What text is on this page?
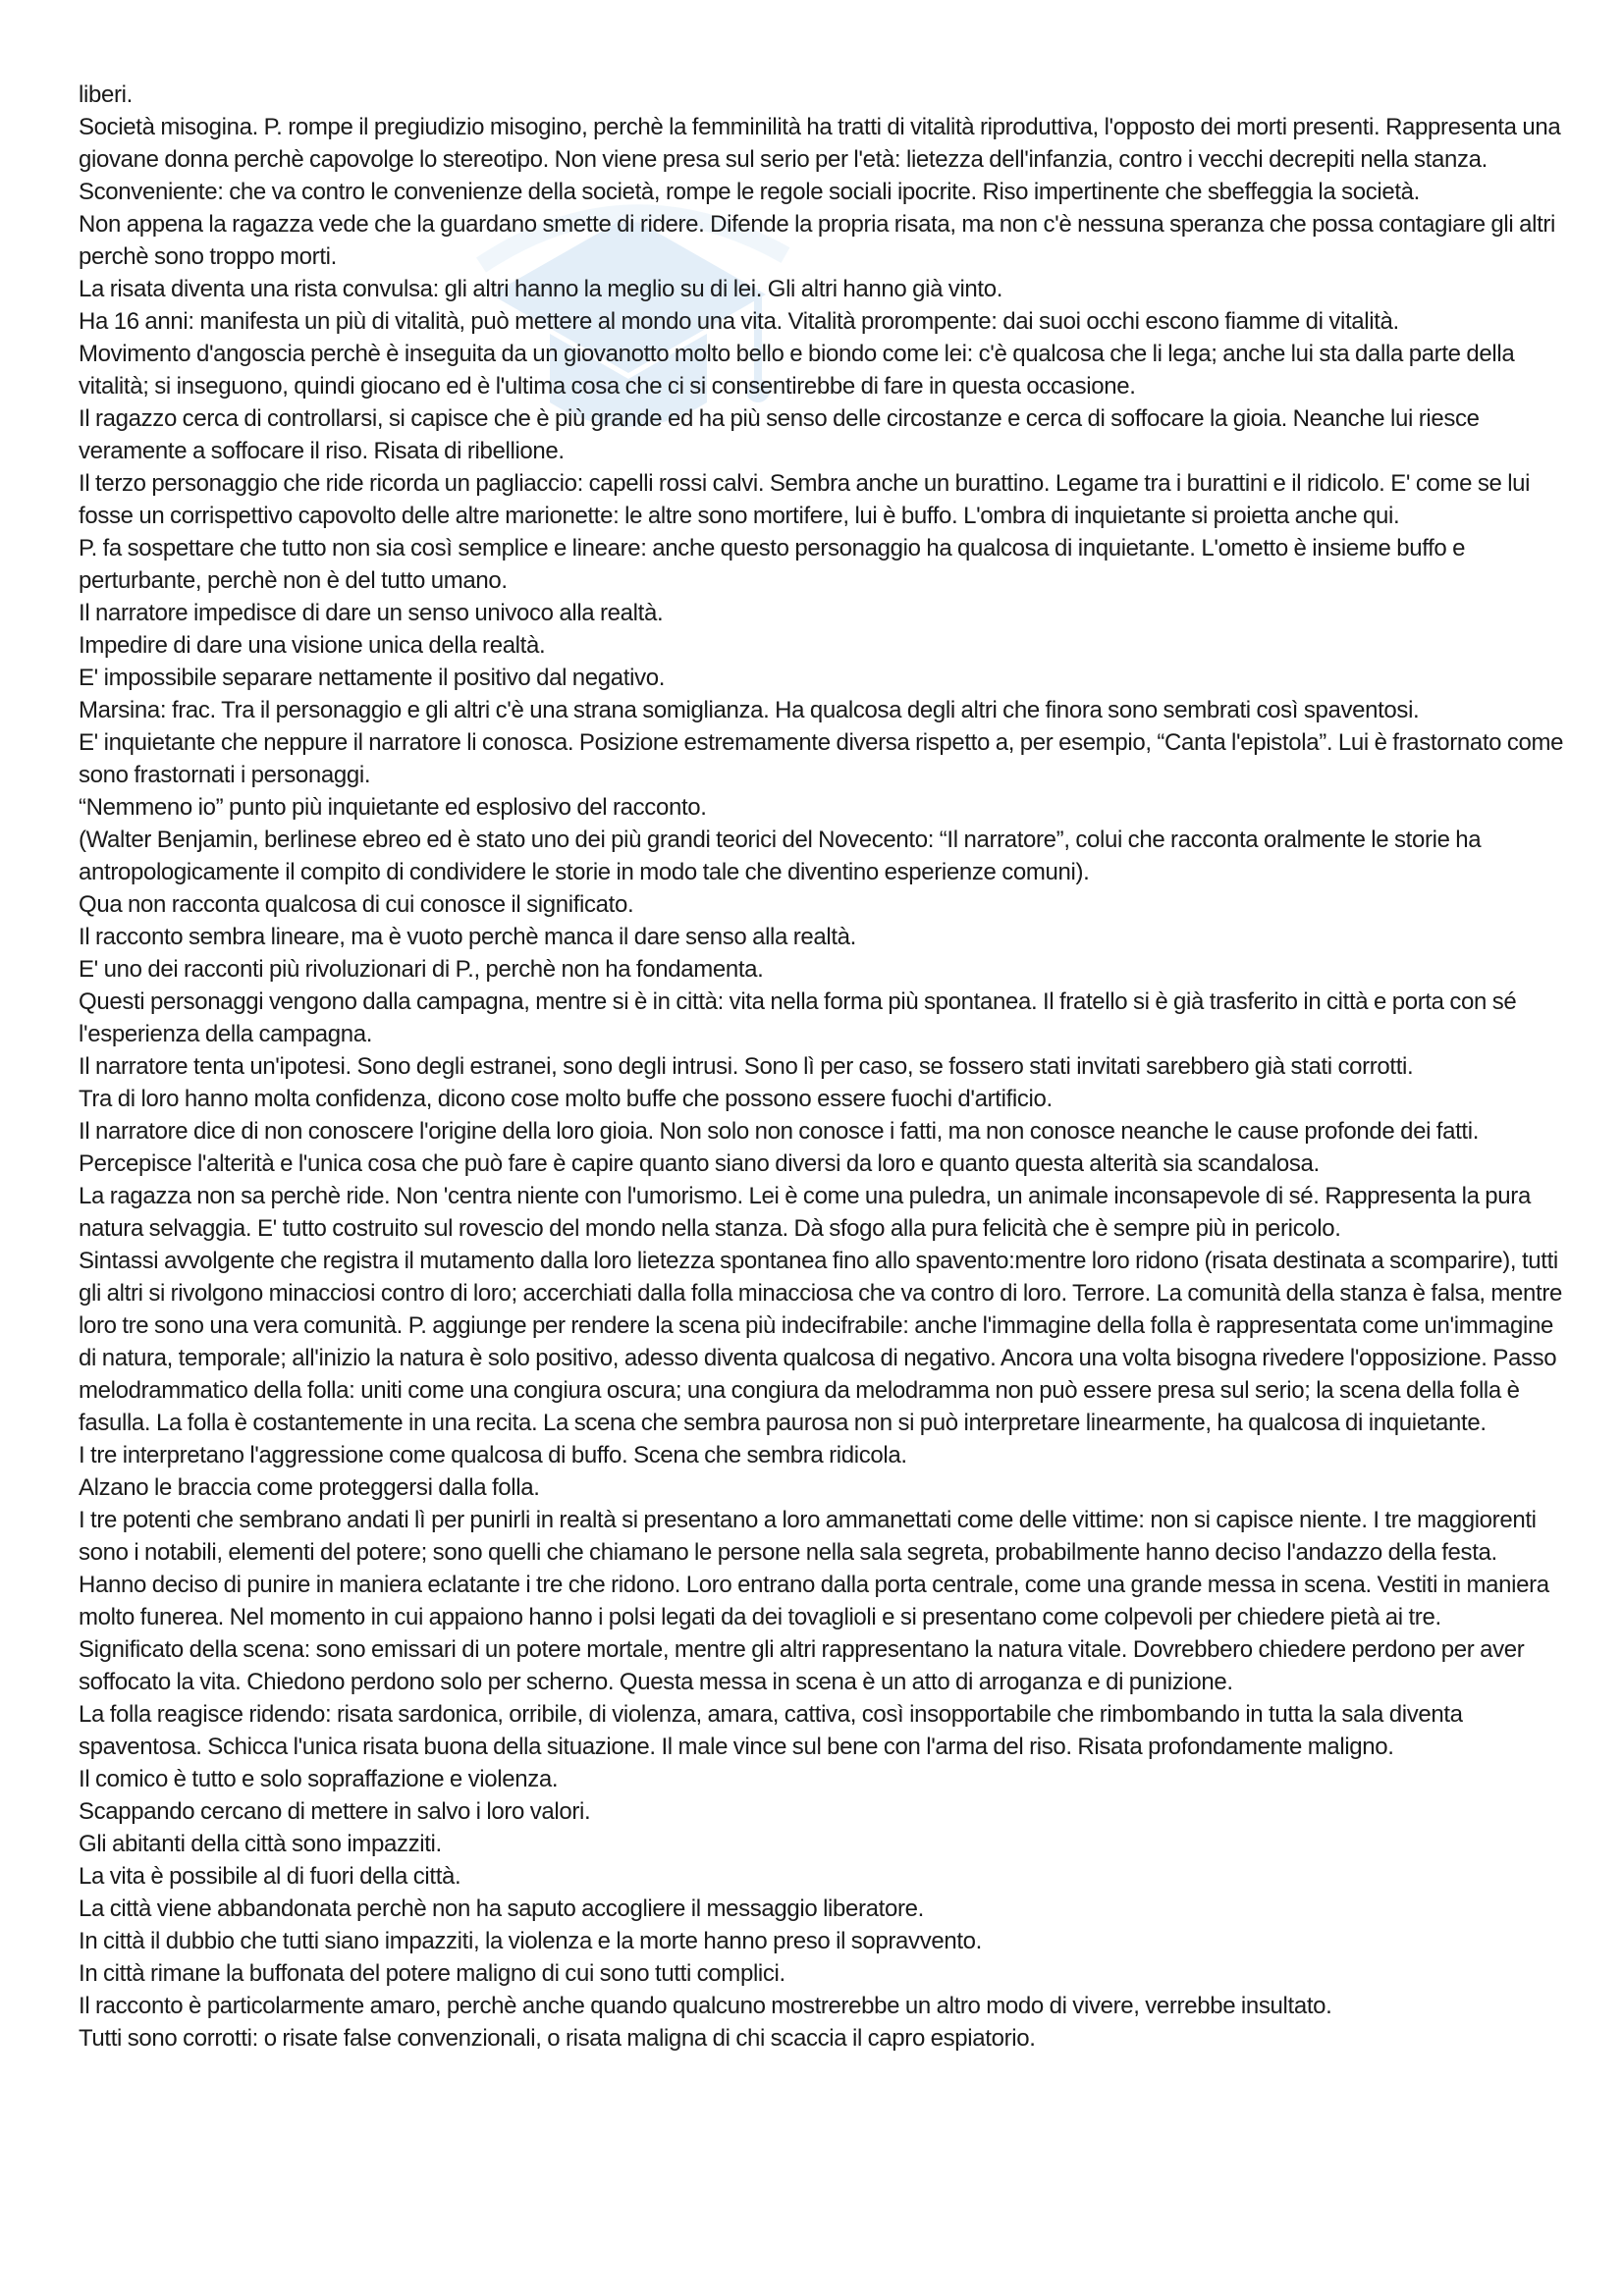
liberi.

Società misogina. P. rompe il pregiudizio misogino, perchè la femminilità ha tratti di vitalità riproduttiva, l'opposto dei morti presenti. Rappresenta una giovane donna perchè capovolge lo stereotipo. Non viene presa sul serio per l'età: lietezza dell'infanzia, contro i vecchi decrepiti nella stanza.

Sconveniente: che va contro le convenienze della società, rompe le regole sociali ipocrite. Riso impertinente che sbeffeggia la società.

Non appena la ragazza vede che la guardano smette di ridere. Difende la propria risata, ma non c'è nessuna speranza che possa contagiare gli altri perchè sono troppo morti.

La risata diventa una rista convulsa: gli altri hanno la meglio su di lei. Gli altri hanno già vinto.

Ha 16 anni: manifesta un più di vitalità, può mettere al mondo una vita. Vitalità prorompente: dai suoi occhi escono fiamme di vitalità.

Movimento d'angoscia perchè è inseguita da un giovanotto molto bello e biondo come lei: c'è qualcosa che li lega; anche lui sta dalla parte della vitalità; si inseguono, quindi giocano ed è l'ultima cosa che ci si consentirebbe di fare in questa occasione.

Il ragazzo cerca di controllarsi, si capisce che è più grande ed ha più senso delle circostanze e cerca di soffocare la gioia. Neanche lui riesce veramente a soffocare il riso. Risata di ribellione.

Il terzo personaggio che ride ricorda un pagliaccio: capelli rossi calvi. Sembra anche un burattino. Legame tra i burattini e il ridicolo. E' come se lui fosse un corrispettivo capovolto delle altre marionette: le altre sono mortifere, lui è buffo. L'ombra di inquietante si proietta anche qui.

P. fa sospettare che tutto non sia così semplice e lineare: anche questo personaggio ha qualcosa di inquietante. L'ometto è insieme buffo e perturbante, perchè non è del tutto umano.

Il narratore impedisce di dare un senso univoco alla realtà.

Impedire di dare una visione unica della realtà.

E' impossibile separare nettamente il positivo dal negativo.

Marsina: frac. Tra il personaggio e gli altri c'è una strana somiglianza. Ha qualcosa degli altri che finora sono sembrati così spaventosi.

E' inquietante che neppure il narratore li conosca. Posizione estremamente diversa rispetto a, per esempio, “Canta l'epistola”. Lui è frastornato come sono frastornati i personaggi.

“Nemmeno io” punto più inquietante ed esplosivo del racconto.

(Walter Benjamin, berlinese ebreo ed è stato uno dei più grandi teorici del Novecento: “Il narratore”, colui che racconta oralmente le storie ha antropologicamente il compito di condividere le storie in modo tale che diventino esperienze comuni).

Qua non racconta qualcosa di cui conosce il significato.

Il racconto sembra lineare, ma è vuoto perchè manca il dare senso alla realtà.

E' uno dei racconti più rivoluzionari di P., perchè non ha fondamenta.

Questi personaggi vengono dalla campagna, mentre si è in città: vita nella forma più spontanea. Il fratello si è già trasferito in città e porta con sé l'esperienza della campagna.

Il narratore tenta un'ipotesi. Sono degli estranei, sono degli intrusi. Sono lì per caso, se fossero stati invitati sarebbero già stati corrotti.

Tra di loro hanno molta confidenza, dicono cose molto buffe che possono essere fuochi d'artificio.

Il narratore dice di non conoscere l'origine della loro gioia. Non solo non conosce i fatti, ma non conosce neanche le cause profonde dei fatti.

Percepisce l'alterità e l'unica cosa che può fare è capire quanto siano diversi da loro e quanto questa alterità sia scandalosa.

La ragazza non sa perchè ride. Non 'centra niente con l'umorismo. Lei è come una puledra, un animale inconsapevole di sé. Rappresenta la pura natura selvaggia. E' tutto costruito sul rovescio del mondo nella stanza. Dà sfogo alla pura felicità che è sempre più in pericolo.

Sintassi avvolgente che registra il mutamento dalla loro lietezza spontanea fino allo spavento:mentre loro ridono (risata destinata a scomparire), tutti gli altri si rivolgono minacciosi contro di loro; accerchiati dalla folla minacciosa che va contro di loro. Terrore. La comunità della stanza è falsa, mentre loro tre sono una vera comunità. P. aggiunge per rendere la scena più indecifrabile: anche l'immagine della folla è rappresentata come un'immagine di natura, temporale; all'inizio la natura è solo positivo, adesso diventa qualcosa di negativo. Ancora una volta bisogna rivedere l'opposizione. Passo melodrammatico della folla: uniti come una congiura oscura; una congiura da melodramma non può essere presa sul serio; la scena della folla è fasulla. La folla è costantemente in una recita. La scena che sembra paurosa non si può interpretare linearmente, ha qualcosa di inquietante.

I tre interpretano l'aggressione come qualcosa di buffo. Scena che sembra ridicola.

Alzano le braccia come proteggersi dalla folla.

I tre potenti che sembrano andati lì per punirli in realtà si presentano a loro ammanettati come delle vittime: non si capisce niente. I tre maggiorenti sono i notabili, elementi del potere; sono quelli che chiamano le persone nella sala segreta, probabilmente hanno deciso l'andazzo della festa. Hanno deciso di punire in maniera eclatante i tre che ridono. Loro entrano dalla porta centrale, come una grande messa in scena. Vestiti in maniera molto funerea. Nel momento in cui appaiono hanno i polsi legati da dei tovaglioli e si presentano come colpevoli per chiedere pietà ai tre.

Significato della scena: sono emissari di un potere mortale, mentre gli altri rappresentano la natura vitale. Dovrebbero chiedere perdono per aver soffocato la vita. Chiedono perdono solo per scherno. Questa messa in scena è un atto di arroganza e di punizione.

La folla reagisce ridendo: risata sardonica, orribile, di violenza, amara, cattiva, così insopportabile che rimbombando in tutta la sala diventa spaventosa. Schicca l'unica risata buona della situazione. Il male vince sul bene con l'arma del riso. Risata profondamente maligno.

Il comico è tutto e solo sopraffazione e violenza.

Scappando cercano di mettere in salvo i loro valori.

Gli abitanti della città sono impazziti.

La vita è possibile al di fuori della città.

La città viene abbandonata perchè non ha saputo accogliere il messaggio liberatore.

In città il dubbio che tutti siano impazziti, la violenza e la morte hanno preso il sopravvento.

In città rimane la buffonata del potere maligno di cui sono tutti complici.

Il racconto è particolarmente amaro, perchè anche quando qualcuno mostrerebbe un altro modo di vivere, verrebbe insultato.

Tutti sono corrotti: o risate false convenzionali, o risata maligna di chi scaccia il capro espiatorio.
